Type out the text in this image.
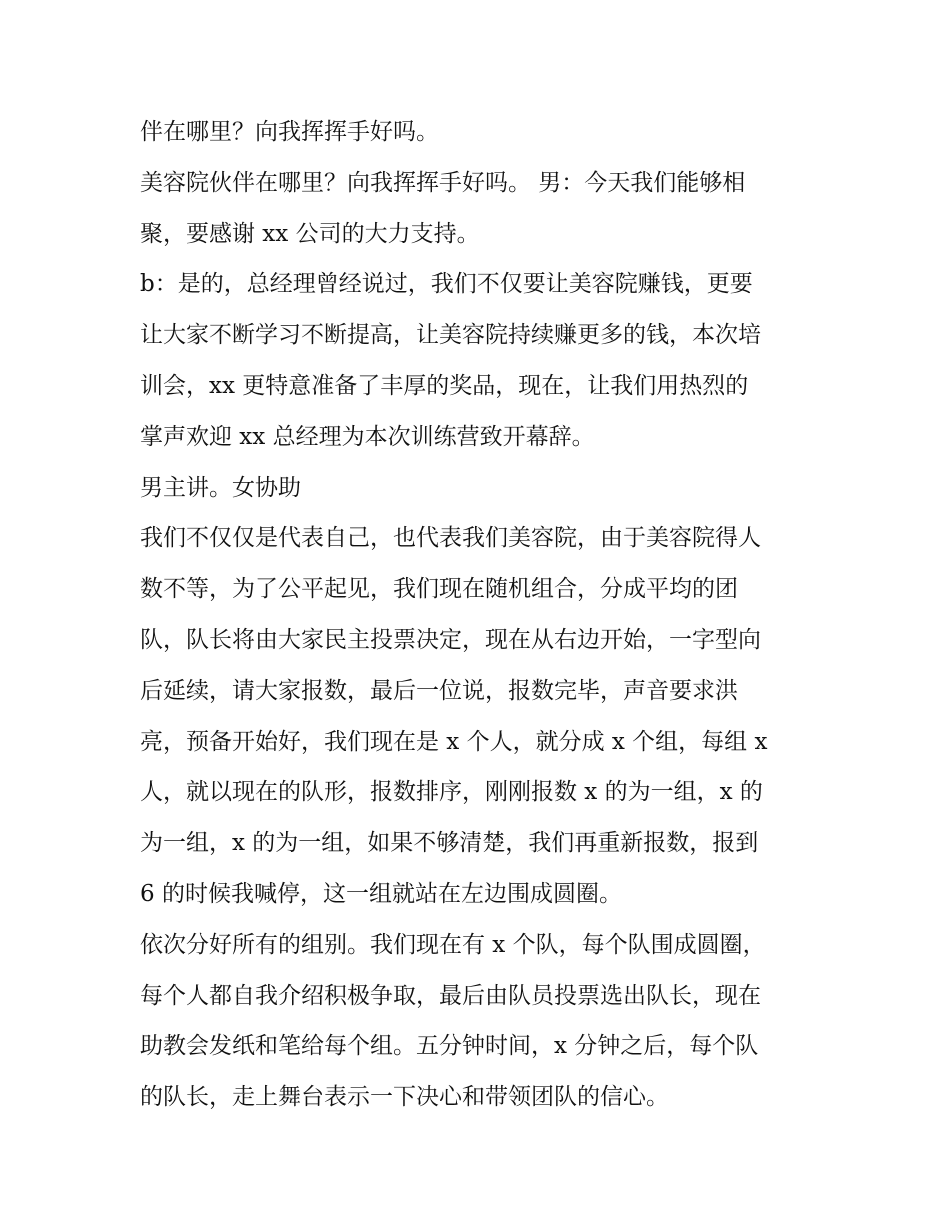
伴在哪里？向我挥挥手好吗。
美容院伙伴在哪里？向我挥挥手好吗。 男：今天我们能够相
聚，要感谢 xx 公司的大力支持。
b：是的，总经理曾经说过，我们不仅要让美容院赚钱，更要
让大家不断学习不断提高，让美容院持续赚更多的钱，本次培
训会，xx 更特意准备了丰厚的奖品，现在，让我们用热烈的
掌声欢迎 xx 总经理为本次训练营致开幕辞。
男主讲。女协助
我们不仅仅是代表自己，也代表我们美容院，由于美容院得人
数不等，为了公平起见，我们现在随机组合，分成平均的团
队，队长将由大家民主投票决定，现在从右边开始，一字型向
后延续，请大家报数，最后一位说，报数完毕，声音要求洪
亮，预备开始好，我们现在是 x 个人，就分成 x 个组，每组 x
人，就以现在的队形，报数排序，刚刚报数 x 的为一组，x 的
为一组，x 的为一组，如果不够清楚，我们再重新报数，报到
6 的时候我喊停，这一组就站在左边围成圆圈。
依次分好所有的组别。我们现在有 x 个队，每个队围成圆圈，
每个人都自我介绍积极争取，最后由队员投票选出队长，现在
助教会发纸和笔给每个组。五分钟时间，x 分钟之后，每个队
的队长，走上舞台表示一下决心和带领团队的信心。
